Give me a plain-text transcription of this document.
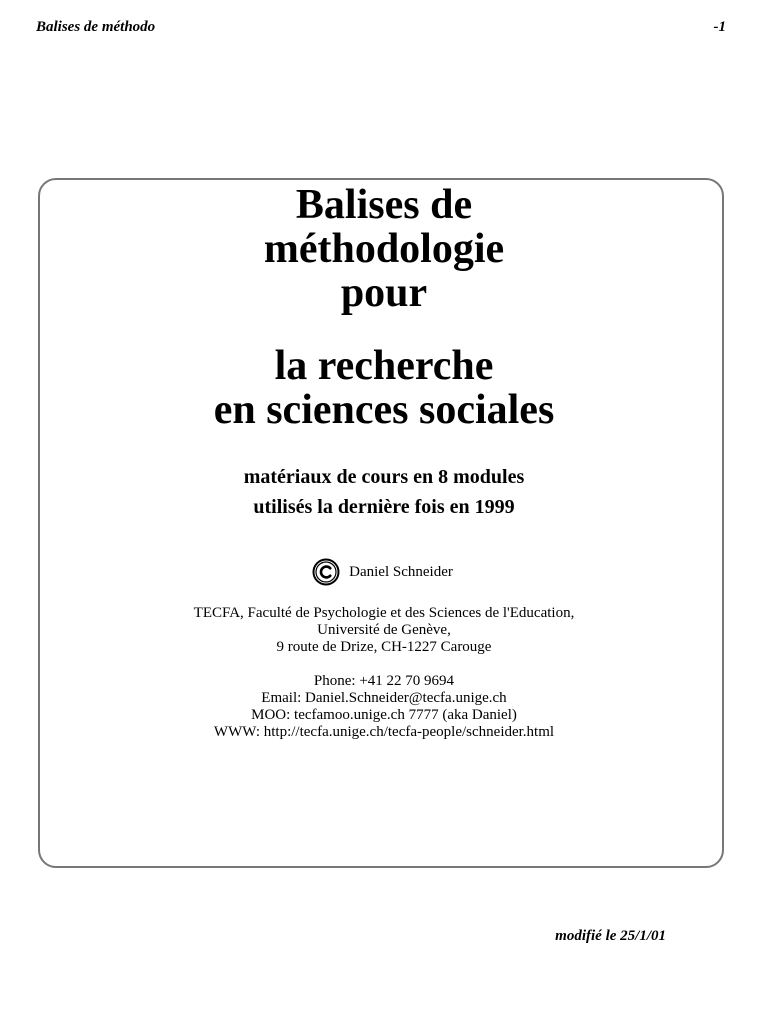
Balises de méthodo	-1
Balises de
méthodologie
pour
la recherche
en sciences sociales
matériaux de cours en 8 modules
utilisés la dernière fois en 1999
Daniel Schneider
TECFA, Faculté de Psychologie et des Sciences de l'Education,
Université de Genève,
9 route de Drize, CH-1227 Carouge
Phone: +41 22 70 9694
Email: Daniel.Schneider@tecfa.unige.ch
MOO: tecfamoo.unige.ch 7777 (aka Daniel)
WWW: http://tecfa.unige.ch/tecfa-people/schneider.html
modifié le 25/1/01
